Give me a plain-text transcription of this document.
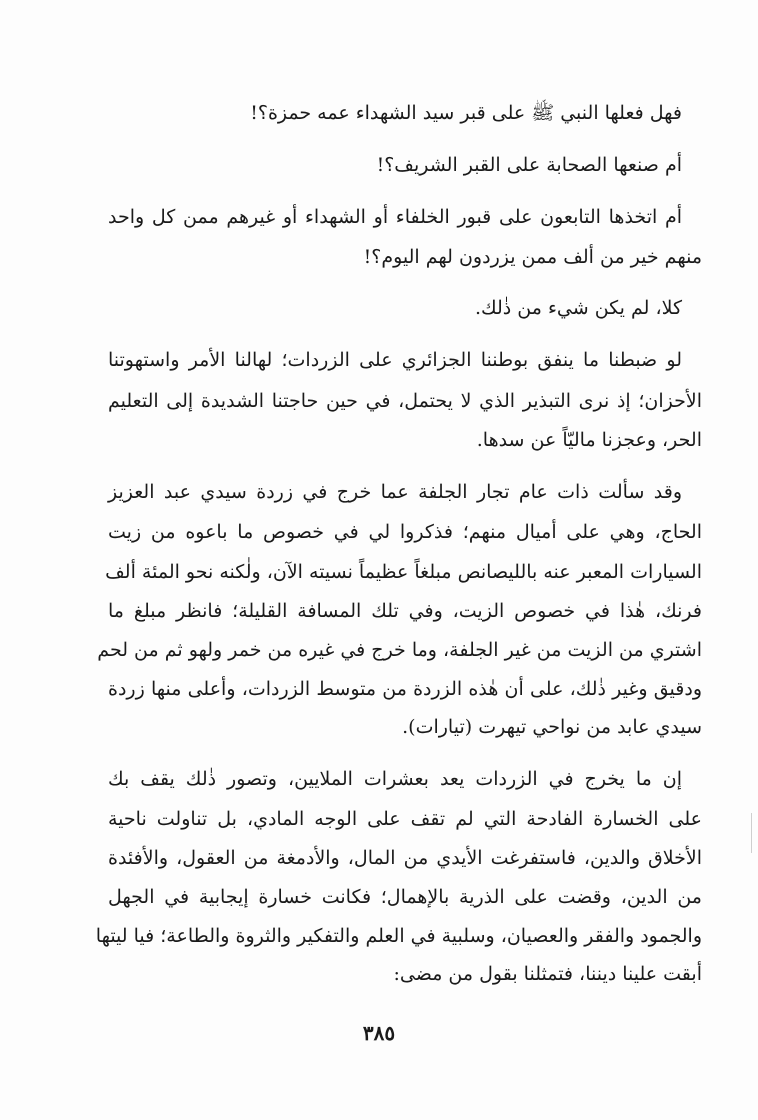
فهل فعلها النبي ﷺ على قبر سيد الشهداء عمه حمزة؟!
أم صنعها الصحابة على القبر الشريف؟!
أم اتخذها التابعون على قبور الخلفاء أو الشهداء أو غيرهم ممن كل واحد
منهم خير من ألف ممن يزردون لهم اليوم؟!
كلا، لم يكن شيء من ذٰلك.
لو ضبطنا ما ينفق بوطننا الجزائري على الزردات؛ لهالنا الأمر واستهوتنا
الأحزان؛ إذ نرى التبذير الذي لا يحتمل، في حين حاجتنا الشديدة إلى التعليم
الحر، وعجزنا ماليّاً عن سدها.
وقد سألت ذات عام تجار الجلفة عما خرج في زردة سيدي عبد العزيز
الحاج، وهي على أميال منهم؛ فذكروا لي في خصوص ما باعوه من زيت
السيارات المعبر عنه بالليصانص مبلغاً عظيماً نسيته الآن، ولٰكنه نحو المئة ألف
فرنك، هٰذا في خصوص الزيت، وفي تلك المسافة القليلة؛ فانظر مبلغ ما
اشتري من الزيت من غير الجلفة، وما خرج في غيره من خمر ولهو ثم من لحم
ودقيق وغير ذٰلك، على أن هٰذه الزردة من متوسط الزردات، وأعلى منها زردة
سيدي عابد من نواحي تيهرت (تيارات).
إن ما يخرج في الزردات يعد بعشرات الملايين، وتصور ذٰلك يقف بك
على الخسارة الفادحة التي لم تقف على الوجه المادي، بل تناولت ناحية
الأخلاق والدين، فاستفرغت الأيدي من المال، والأدمغة من العقول، والأفئدة
من الدين، وقضت على الذرية بالإهمال؛ فكانت خسارة إيجابية في الجهل
والجمود والفقر والعصيان، وسلبية في العلم والتفكير والثروة والطاعة؛ فيا ليتها
أبقت علينا ديننا، فتمثلنا بقول من مضى:
٣٨٥
